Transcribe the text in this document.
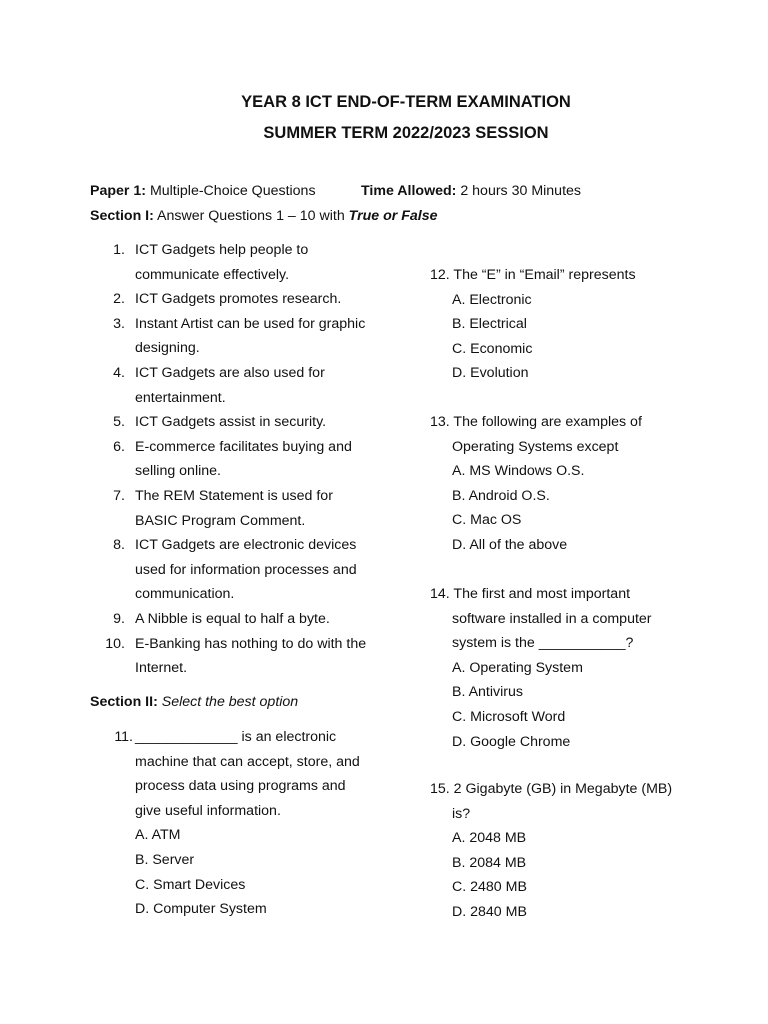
YEAR 8 ICT END-OF-TERM EXAMINATION
SUMMER TERM 2022/2023 SESSION
Paper 1: Multiple-Choice Questions	Time Allowed: 2 hours 30 Minutes
Section I: Answer Questions 1 – 10 with True or False
1. ICT Gadgets help people to
communicate effectively.
2. ICT Gadgets promotes research.
3. Instant Artist can be used for graphic
designing.
4. ICT Gadgets are also used for
entertainment.
5. ICT Gadgets assist in security.
6. E-commerce facilitates buying and
selling online.
7. The REM Statement is used for
BASIC Program Comment.
8. ICT Gadgets are electronic devices
used for information processes and
communication.
9. A Nibble is equal to half a byte.
10. E-Banking has nothing to do with the
Internet.
Section II: Select the best option
11. _____________ is an electronic
machine that can accept, store, and
process data using programs and
give useful information.
A. ATM
B. Server
C. Smart Devices
D. Computer System
12. The “E” in “Email” represents
A. Electronic
B. Electrical
C. Economic
D. Evolution
13. The following are examples of
Operating Systems except
A. MS Windows O.S.
B. Android O.S.
C. Mac OS
D. All of the above
14. The first and most important
software installed in a computer
system is the ___________?
A. Operating System
B. Antivirus
C. Microsoft Word
D. Google Chrome
15. 2 Gigabyte (GB) in Megabyte (MB)
is?
A. 2048 MB
B. 2084 MB
C. 2480 MB
D. 2840 MB
